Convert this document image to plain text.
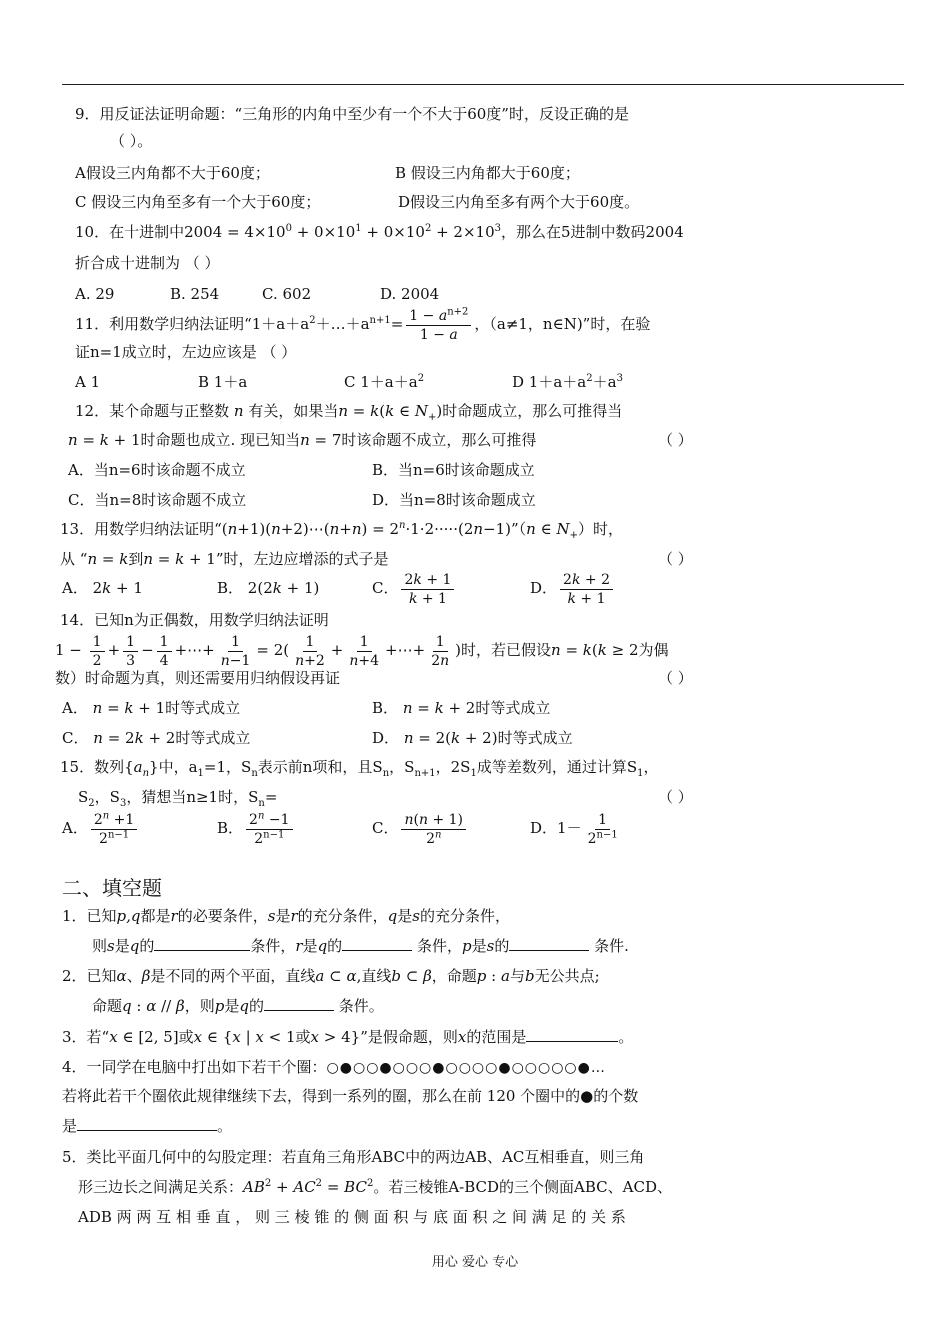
9．用反证法证明命题：“三角形的内角中至少有一个不大于60度”时，反设正确的是
（ ）。
A假设三内角都不大于60度；	B 假设三内角都大于60度；
C 假设三内角至多有一个大于60度；	D假设三内角至多有两个大于60度。
10．在十进制中$2004 = 4\times 10^0 + 0\times 10^1 + 0\times 10^2 + 2\times 10^3$，那么在5进制中数码2004
折合成十进制为 （ ）
A. 29	B. 254	C. 602	D. 2004
11．利用数学归纳法证明“$1+a+a^2+\dots+a^{n+1}= \frac{1 - a^{n+2}}{1 - a}$ ，（a≠1，n∈N)”时，在验
证n=1成立时，左边应该是 （ ）
A 1	B 1＋a	C $1+a+a^2$	D $1+a+a^2+a^3$
12．某个命题与正整数 n 有关，如果当n = k(k ∈ $N_+$)时命题成立，那么可推得当
n = k + 1时命题也成立. 现已知当n = 7时该命题不成立，那么可推得	（ ）
A．当n=6时该命题不成立	B．当n=6时该命题成立
C．当n=8时该命题不成立	D．当n=8时该命题成立
13．用数学归纳法证明“(n+1)(n+2)⋯(n+n) = $2^n\cdot 1\cdot 2\cdot\cdot\cdot\cdot\cdot(2n-1)”(n$ ∈ $N_+$）时，
从 “n = k到n = k + 1”时，左边应增添的式子是	（ ）
A． 2k + 1	B． 2(2k + 1)	C． $\frac{2k + 1}{k + 1}$	D． $\frac{2k + 2}{k + 1}$
14．已知n为正偶数，用数学归纳法证明
$1 - \frac{1}{2} + \frac{1}{3} - \frac{1}{4}$ +⋯+ $\frac{1}{n-1} = 2( \frac{1}{n+2} + \frac{1}{n+4}$ +⋯+ $\frac{1}{2n}$ )时，若已假设n = k(k ≥ 2为偶
数）时命题为真，则还需要用归纳假设再证	（ ）
A． n = k + 1时等式成立	B． n = k + 2时等式成立
C． n = 2k + 2时等式成立	D． n = 2(k + 2)时等式成立
15．数列$\{a_n\}$中，$a_1=1$，$S_n$表示前n项和，且$S_n$，$S_{n+1}$，$2S_1$成等差数列，通过计算$S_1$，
$S_2$，$S_3$，猜想当n≥1时，$S_n=$	（ ）
A． $\frac{2^n +1}{2^{n-1}}$	B． $\frac{2^n -1}{2^{n-1}}$	C． $\frac{n(n + 1)}{2^n}$	D．$1- \frac{1}{2^{n-1}}$
二、填空题
1．已知p,q都是r的必要条件，s是r的充分条件，q是s的充分条件，
则s是q的	条件，r是q的	条件，p是s的	条件.
2．已知α、β是不同的两个平面，直线a ⊂ α,直线b ⊂ β，命题p : a与b无公共点;
命题q : α // β，则p是q的	条件。
3．若“x ∈ [2, 5]或x ∈ {x | x < 1或x > 4}”是假命题，则x的范围是	。
4．一同学在电脑中打出如下若干个圈：○●○○●○○○●○○○○●○○○○○●…
若将此若干个圈依此规律继续下去，得到一系列的圈，那么在前 120 个圈中的●的个数
是	。
5．类比平面几何中的勾股定理：若直角三角形ABC中的两边AB、AC互相垂直，则三角
形三边长之间满足关系：$AB^2 + AC^2 = BC^2$。若三棱锥A-BCD的三个侧面ABC、ACD、
ADB 两 两 互 相 垂 直 ， 则 三 棱 锥 的 侧 面 积 与 底 面 积 之 间 满 足 的 关 系
用心 爱心 专心
